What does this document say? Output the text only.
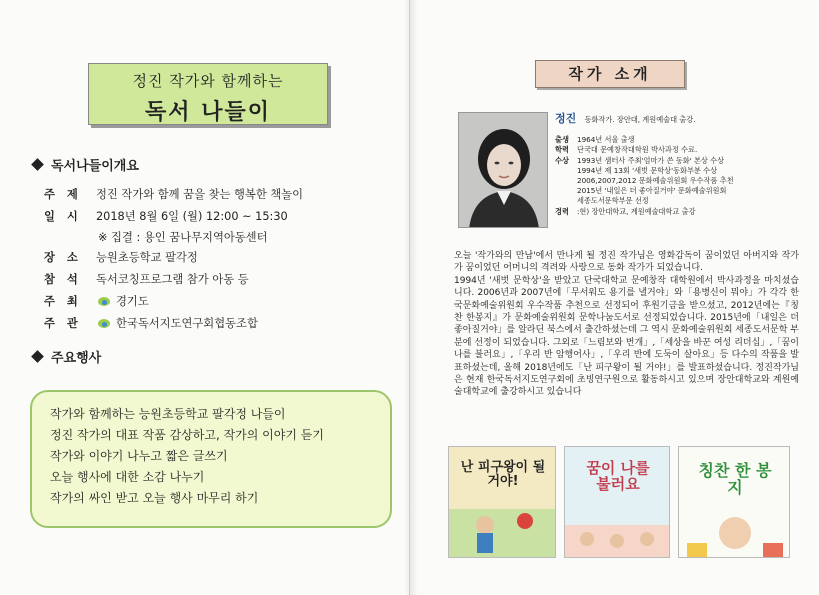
정진 작가와 함께하는
독서 나들이
독서나들이개요
주제 정진 작가와 함께 꿈을 찾는 행복한 책놀이
일시 2018년 8월 6일 (월) 12:00 ~ 15:30
※ 집결 : 용인 꿈나무지역아동센터
장소 능원초등학교 팔각정
참석 독서코칭프로그램 참가 아동 등
주최	경기도
주관	한국독서지도연구회협동조합
주요행사
작가와 함께하는 능원초등학교 팔각정 나들이
정진 작가의 대표 작품 감상하고, 작가의 이야기 듣기
작가와 이야기 나누고 짧은 글쓰기
오늘 행사에 대한 소감 나누기
작가의 싸인 받고 오늘 행사 마무리 하기
작가 소개
정진 동화작가. 장안대, 계원예술대 출강.
출생	1964년 서울 출생
학력	단국대 문예창작대학원 박사과정 수료.
수상	1993년 샘터사 주최'엄마가 쓴 동화' 본상 수상
1994년 제 13회 '새벗 문학상'동화부분 수상
2006,2007,2012 문화예술위원회 우수작품 추천
2015년 '내일은 더 좋아질거야' 문화예술위원회
세종도서문학부문 선정
경력	:현) 장안대학교, 계원예술대학교 출강

오늘 '작가와의 만남'에서 만나게 될 정진 작가님은 영화감독이 꿈이었던 아버지와 작가가 꿈이었던 어머니의 격려와 사랑으로 동화 작가가 되었습니다.

1994년 '새벗 문학상'을 받았고 단국대학교 문예창작 대학원에서 박사과정을 마치셨습니다. 2006년과 2007년에「무서워도 용기를 낼거야」와「용병신이 뭐야」가 각각 한국문화예술위원회 우수작품 추천으로 선정되어 후원기금을 받으셨고, 2012년에는『칭찬 한봉지』가 문화예술위원회 문학나눔도서로 선정되었습니다. 2015년에「내일은 더 좋아질거야」를 알라딘 북스에서 출간하셨는데 그 역시 문화예술위원회 세종도서문학 부분에 선정이 되었습니다. 그외로「느림보와 번개」,「세상을 바꾼 여성 리더십」,「꿈이 나를 불러요」,「우리 반 암행어사」,「우리 반에 도둑이 살아요」등 다수의 작품을 발표하셨는데, 올해 2018년에도「난 피구왕이 될 거야!」를 발표하셨습니다. 정진작가님은 현재 한국독서지도연구회에 초빙연구원으로 활동하시고 있으며 장안대학교와 계원예술대학교에 출강하시고 있습니다

난 피구왕이 될 거야!
꿈이 나를 불러요
칭찬 한 봉지
